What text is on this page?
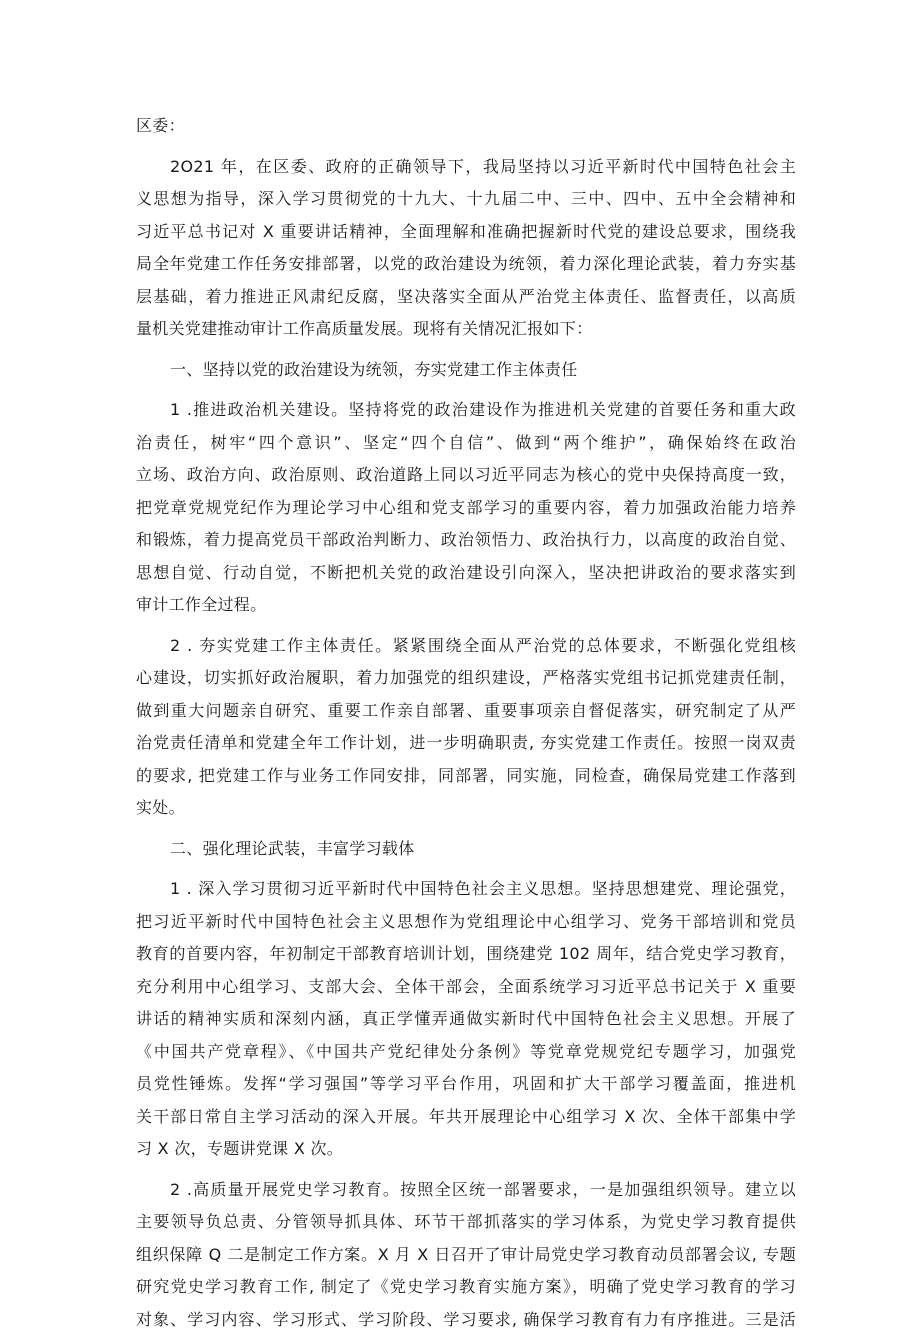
区委：
2O21 年，在区委、政府的正确领导下，我局坚持以习近平新时代中国特色社会主
义思想为指导，深入学习贯彻党的十九大、十九届二中、三中、四中、五中全会精神和
习近平总书记对 X 重要讲话精神，全面理解和准确把握新时代党的建设总要求，围绕我
局全年党建工作任务安排部署，以党的政治建设为统领，着力深化理论武装，着力夯实基
层基础，着力推进正风肃纪反腐，坚决落实全面从严治党主体责任、监督责任，以高质
量机关党建推动审计工作高质量发展。现将有关情况汇报如下：
一、坚持以党的政治建设为统领，夯实党建工作主体责任
1 .推进政治机关建设。坚持将党的政治建设作为推进机关党建的首要任务和重大政
治责任，树牢“四个意识”、坚定“四个自信”、做到“两个维护”，确保始终在政治
立场、政治方向、政治原则、政治道路上同以习近平同志为核心的党中央保持高度一致，
把党章党规党纪作为理论学习中心组和党支部学习的重要内容，着力加强政治能力培养
和锻炼，着力提高党员干部政治判断力、政治领悟力、政治执行力，以高度的政治自觉、
思想自觉、行动自觉，不断把机关党的政治建设引向深入，坚决把讲政治的要求落实到
审计工作全过程。
2 . 夯实党建工作主体责任。紧紧围绕全面从严治党的总体要求，不断强化党组核
心建设，切实抓好政治履职，着力加强党的组织建设，严格落实党组书记抓党建责任制，
做到重大问题亲自研究、重要工作亲自部署、重要事项亲自督促落实，研究制定了从严
治党责任清单和党建全年工作计划，进一步明确职责, 夯实党建工作责任。按照一岗双责
的要求, 把党建工作与业务工作同安排，同部署，同实施，同检查，确保局党建工作落到
实处。
二、强化理论武装，丰富学习载体
1 . 深入学习贯彻习近平新时代中国特色社会主义思想。坚持思想建党、理论强党，
把习近平新时代中国特色社会主义思想作为党组理论中心组学习、党务干部培训和党员
教育的首要内容，年初制定干部教育培训计划，围绕建党 102 周年，结合党史学习教育，
充分利用中心组学习、支部大会、全体干部会，全面系统学习习近平总书记关于 X 重要
讲话的精神实质和深刻内涵，真正学懂弄通做实新时代中国特色社会主义思想。开展了
《中国共产党章程》、《中国共产党纪律处分条例》等党章党规党纪专题学习，加强党
员党性锤炼。发挥“学习强国”等学习平台作用，巩固和扩大干部学习覆盖面，推进机
关干部日常自主学习活动的深入开展。年共开展理论中心组学习 X 次、全体干部集中学
习 X 次，专题讲党课 X 次。
2 .高质量开展党史学习教育。按照全区统一部署要求，一是加强组织领导。建立以
主要领导负总责、分管领导抓具体、环节干部抓落实的学习体系，为党史学习教育提供
组织保障 Q 二是制定工作方案。X 月 X 日召开了审计局党史学习教育动员部署会议, 专题
研究党史学习教育工作, 制定了《党史学习教育实施方案》，明确了党史学习教育的学习
对象、学习内容、学习形式、学习阶段、学习要求, 确保学习教育有力有序推进。三是活
